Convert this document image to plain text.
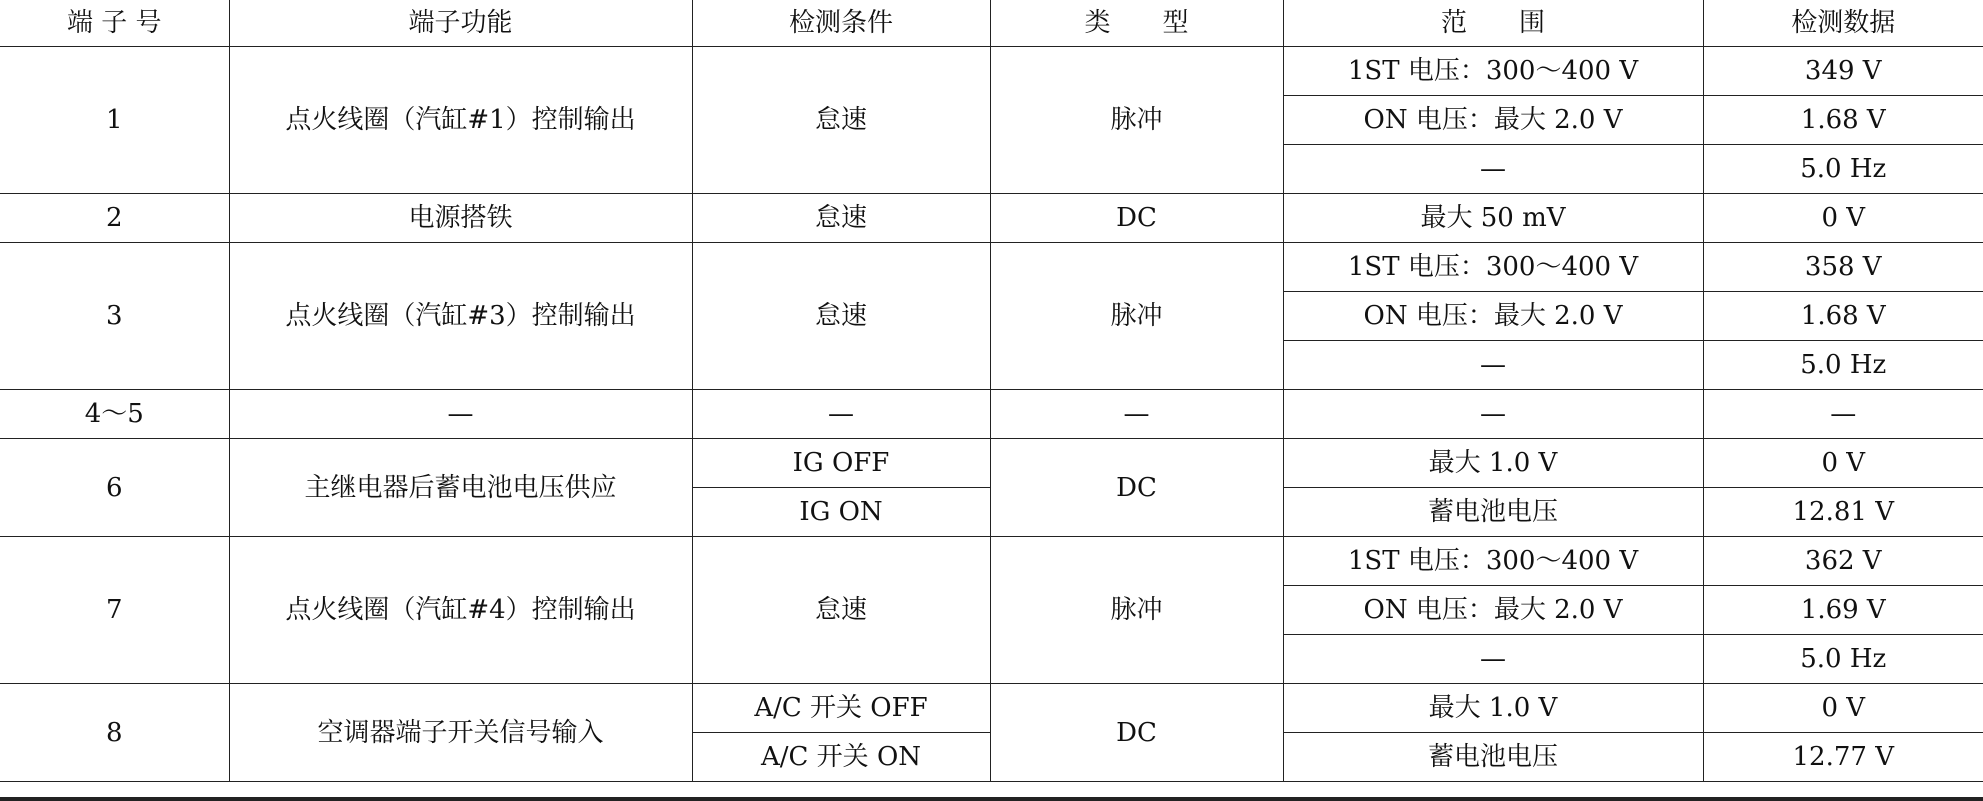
端 子 号	端子功能	检测条件	类　　型	范　　围	检测数据
1	点火线圈（汽缸#1）控制输出	怠速	脉冲	1ST 电压：300～400 V	349 V
				ON 电压：最大 2.0 V	1.68 V
				—	5.0 Hz
2	电源搭铁	怠速	DC	最大 50 mV	0 V
3	点火线圈（汽缸#3）控制输出	怠速	脉冲	1ST 电压：300～400 V	358 V
				ON 电压：最大 2.0 V	1.68 V
				—	5.0 Hz
4～5	—	—	—	—	—
6	主继电器后蓄电池电压供应	IG OFF	DC	最大 1.0 V	0 V
		IG ON		蓄电池电压	12.81 V
7	点火线圈（汽缸#4）控制输出	怠速	脉冲	1ST 电压：300～400 V	362 V
				ON 电压：最大 2.0 V	1.69 V
				—	5.0 Hz
8	空调器端子开关信号输入	A/C 开关 OFF	DC	最大 1.0 V	0 V
		A/C 开关 ON		蓄电池电压	12.77 V
